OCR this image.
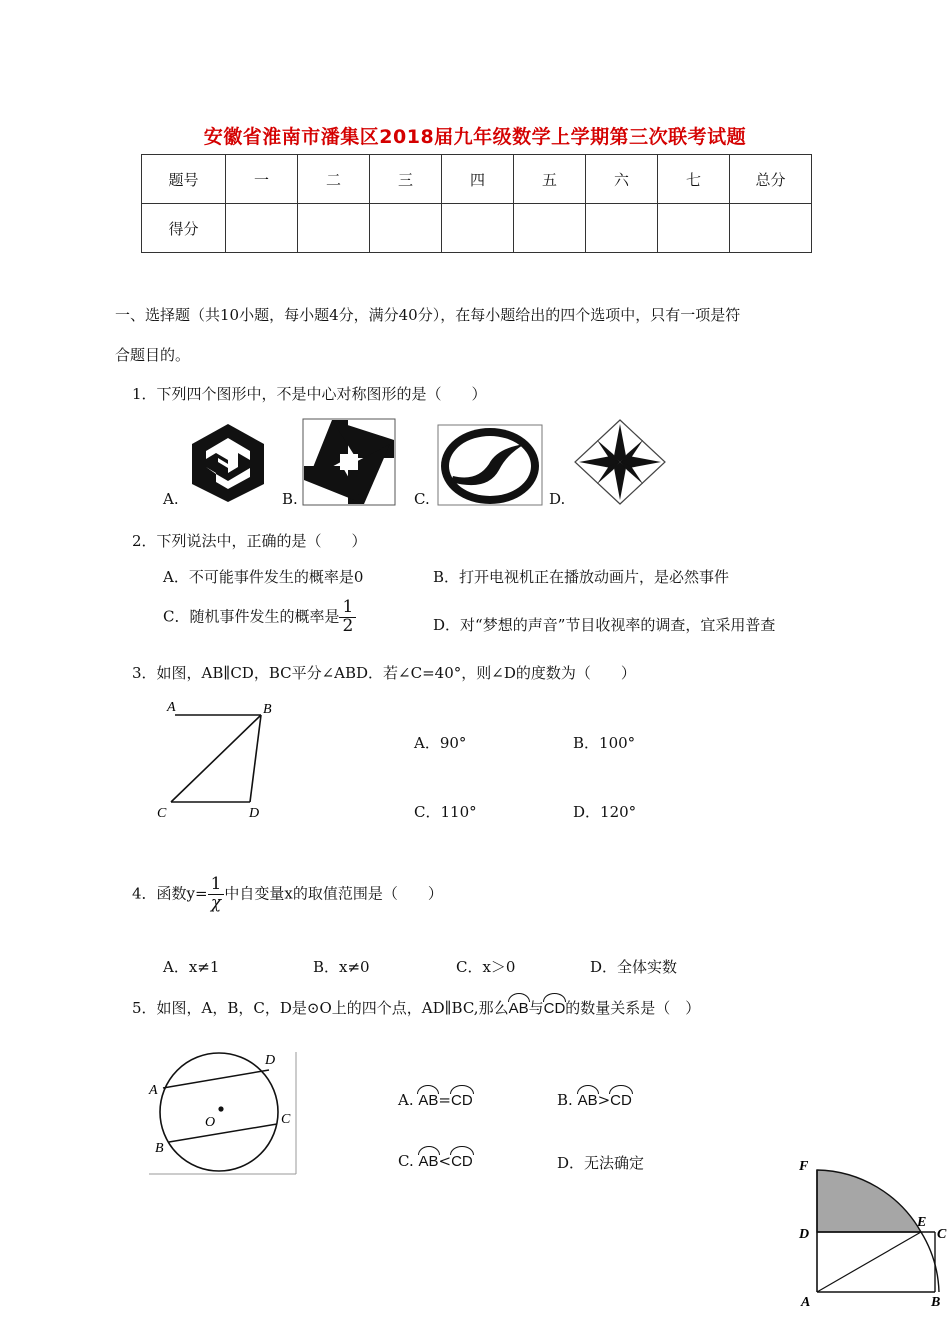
安徽省淮南市潘集区2018届九年级数学上学期第三次联考试题
题号	一	二	三	四	五	六	七	总分
得分								
一、选择题（共10小题，每小题4分，满分40分），在每小题给出的四个选项中，只有一项是符
合题目的。
1．下列四个图形中，不是中心对称图形的是（　　）
A.	B.	C.	D.
2．下列说法中，正确的是（　　）
A．不可能事件发生的概率是0	B．打开电视机正在播放动画片，是必然事件
C．随机事件发生的概率是 $\frac{1}{2}$	D．对“梦想的声音”节目收视率的调查，宜采用普查
3．如图，AB∥CD，BC平分∠ABD．若∠C=40°，则∠D的度数为（　　）
A	B
C	D
A．90°	B．100°
C．110°	D．120°
4．函数$y= \frac{1}{\chi}$ 中自变量x的取值范围是（　　）
A．x≠1	B．x≠0	C．x＞0	D．全体实数
5．如图，A，B，C，D是⊙O上的四个点，AD∥BC,那么AB与CD的数量关系是（　）
D
A
O	C
B
A. AB=CD	B. AB>CD
C. AB<CD	D．无法确定	F
E
D	C
A	B
